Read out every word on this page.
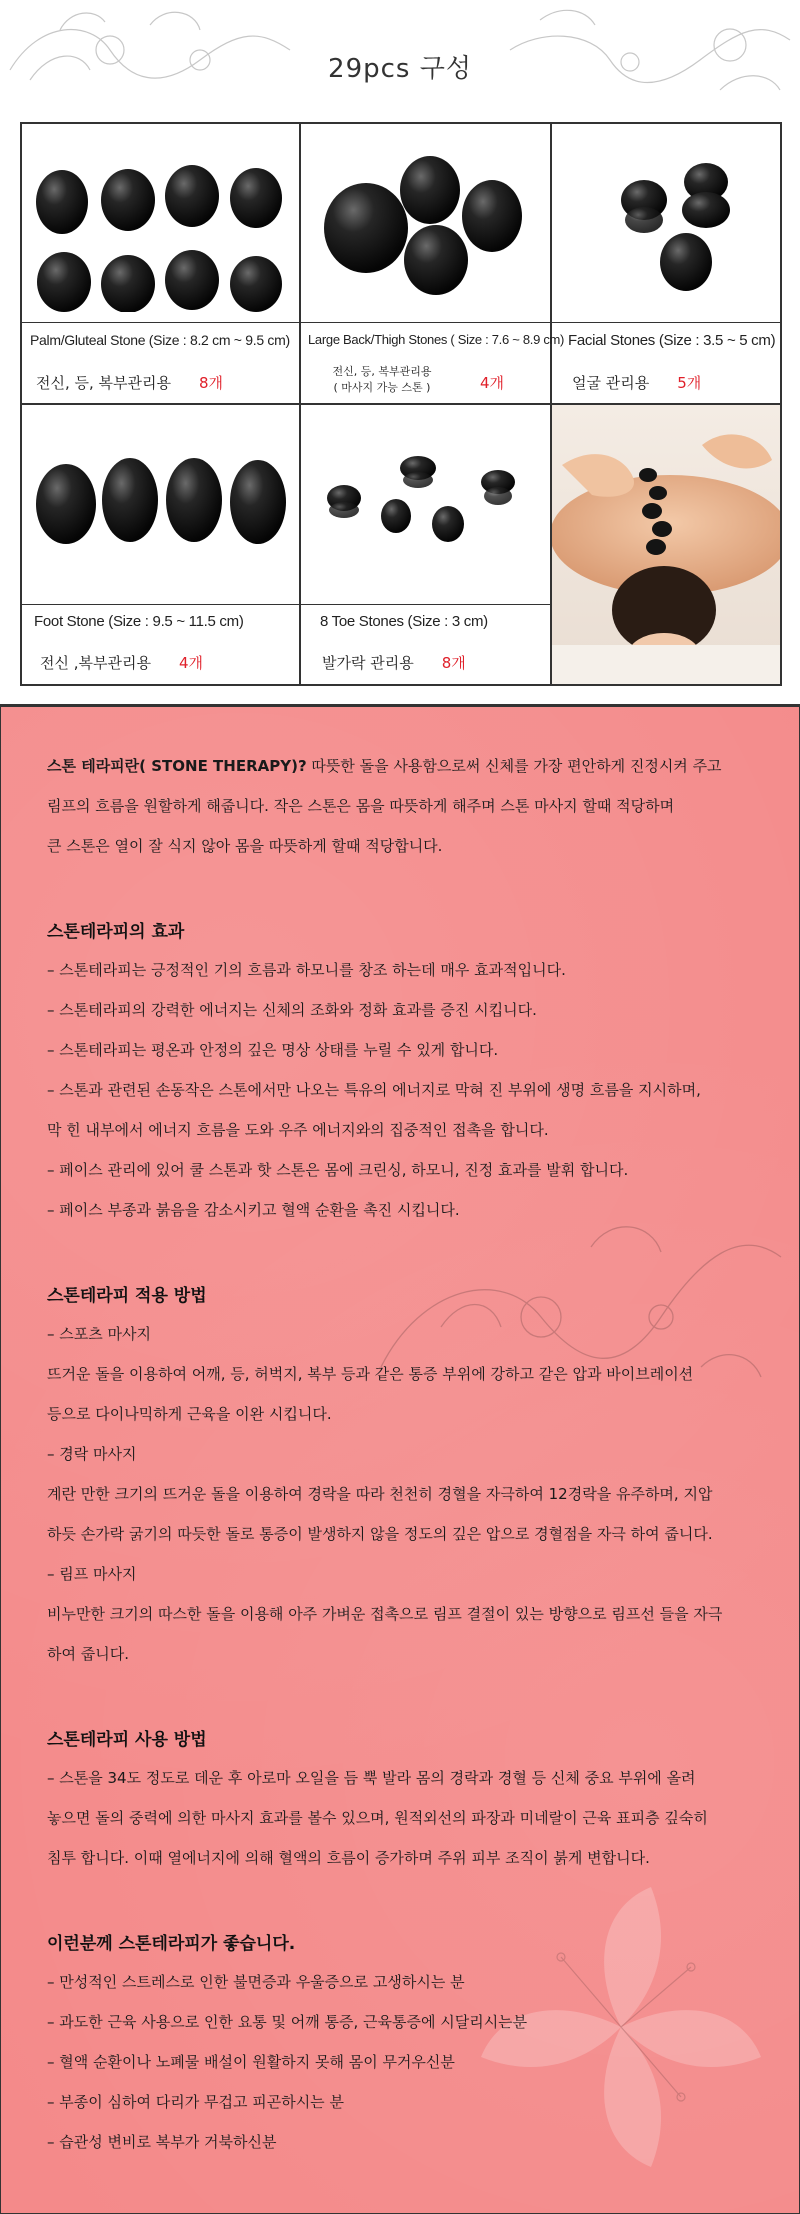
29pcs 구성
Palm/Gluteal Stone (Size : 8.2 cm ~ 9.5 cm)
전신, 등, 복부관리용 8개
Large Back/Thigh Stones ( Size : 7.6 ~ 8.9 cm)
전신, 등, 복부관리용
( 마사지 가능 스톤 )	4개
Facial Stones (Size : 3.5 ~ 5 cm)
얼굴 관리용 5개
Foot Stone (Size : 9.5 ~ 11.5 cm)
전신 ,복부관리용 4개
8 Toe Stones (Size : 3 cm)
발가락 관리용 8개
스톤 테라피란( STONE THERAPY)? 따뜻한 돌을 사용함으로써 신체를 가장 편안하게 진정시켜 주고
림프의 흐름을 원할하게 해줍니다. 작은 스톤은 몸을 따뜻하게 해주며 스톤 마사지 할때 적당하며
큰 스톤은 열이 잘 식지 않아 몸을 따뜻하게 할때 적당합니다.
스톤테라피의 효과
– 스톤테라피는 긍정적인 기의 흐름과 하모니를 창조 하는데 매우 효과적입니다.
– 스톤테라피의 강력한 에너지는 신체의 조화와 정화 효과를 증진 시킵니다.
– 스톤테라피는 평온과 안정의 깊은 명상 상태를 누릴 수 있게 합니다.
– 스톤과 관련된 손동작은 스톤에서만 나오는 특유의 에너지로 막혀 진 부위에 생명 흐름을 지시하며,
막 힌 내부에서 에너지 흐름을 도와 우주 에너지와의 집중적인 접촉을 합니다.
– 페이스 관리에 있어 쿨 스톤과 핫 스톤은 몸에 크린싱, 하모니, 진정 효과를 발휘 합니다.
– 페이스 부종과 붉음을 감소시키고 혈액 순환을 촉진 시킵니다.
스톤테라피 적용 방법
– 스포츠 마사지
뜨거운 돌을 이용하여 어깨, 등, 허벅지, 복부 등과 같은 통증 부위에 강하고 같은 압과 바이브레이션
등으로 다이나믹하게 근육을 이완 시킵니다.
– 경락 마사지
계란 만한 크기의 뜨거운 돌을 이용하여 경락을 따라 천천히 경혈을 자극하여 12경락을 유주하며, 지압
하듯 손가락 굵기의 따듯한 돌로 통증이 발생하지 않을 정도의 깊은 압으로 경혈점을 자극 하여 줍니다.
– 림프 마사지
비누만한 크기의 따스한 돌을 이용해 아주 가벼운 접촉으로 림프 결절이 있는 방향으로 림프선 들을 자극
하여 줍니다.
스톤테라피 사용 방법
– 스톤을 34도 정도로 데운 후 아로마 오일을 듬 뿍 발라 몸의 경락과 경혈 등 신체 중요 부위에 올려
놓으면 돌의 중력에 의한 마사지 효과를 볼수 있으며, 원적외선의 파장과 미네랄이 근육 표피층 깊숙히
침투 합니다. 이때 열에너지에 의해 혈액의 흐름이 증가하며 주위 피부 조직이 붉게 변합니다.
이런분께 스톤테라피가 좋습니다.
– 만성적인 스트레스로 인한 불면증과 우울증으로 고생하시는 분
– 과도한 근육 사용으로 인한 요통 및 어깨 통증, 근육통증에 시달리시는분
– 혈액 순환이나 노폐물 배설이 원활하지 못해 몸이 무거우신분
– 부종이 심하여 다리가 무겁고 피곤하시는 분
– 습관성 변비로 복부가 거북하신분
